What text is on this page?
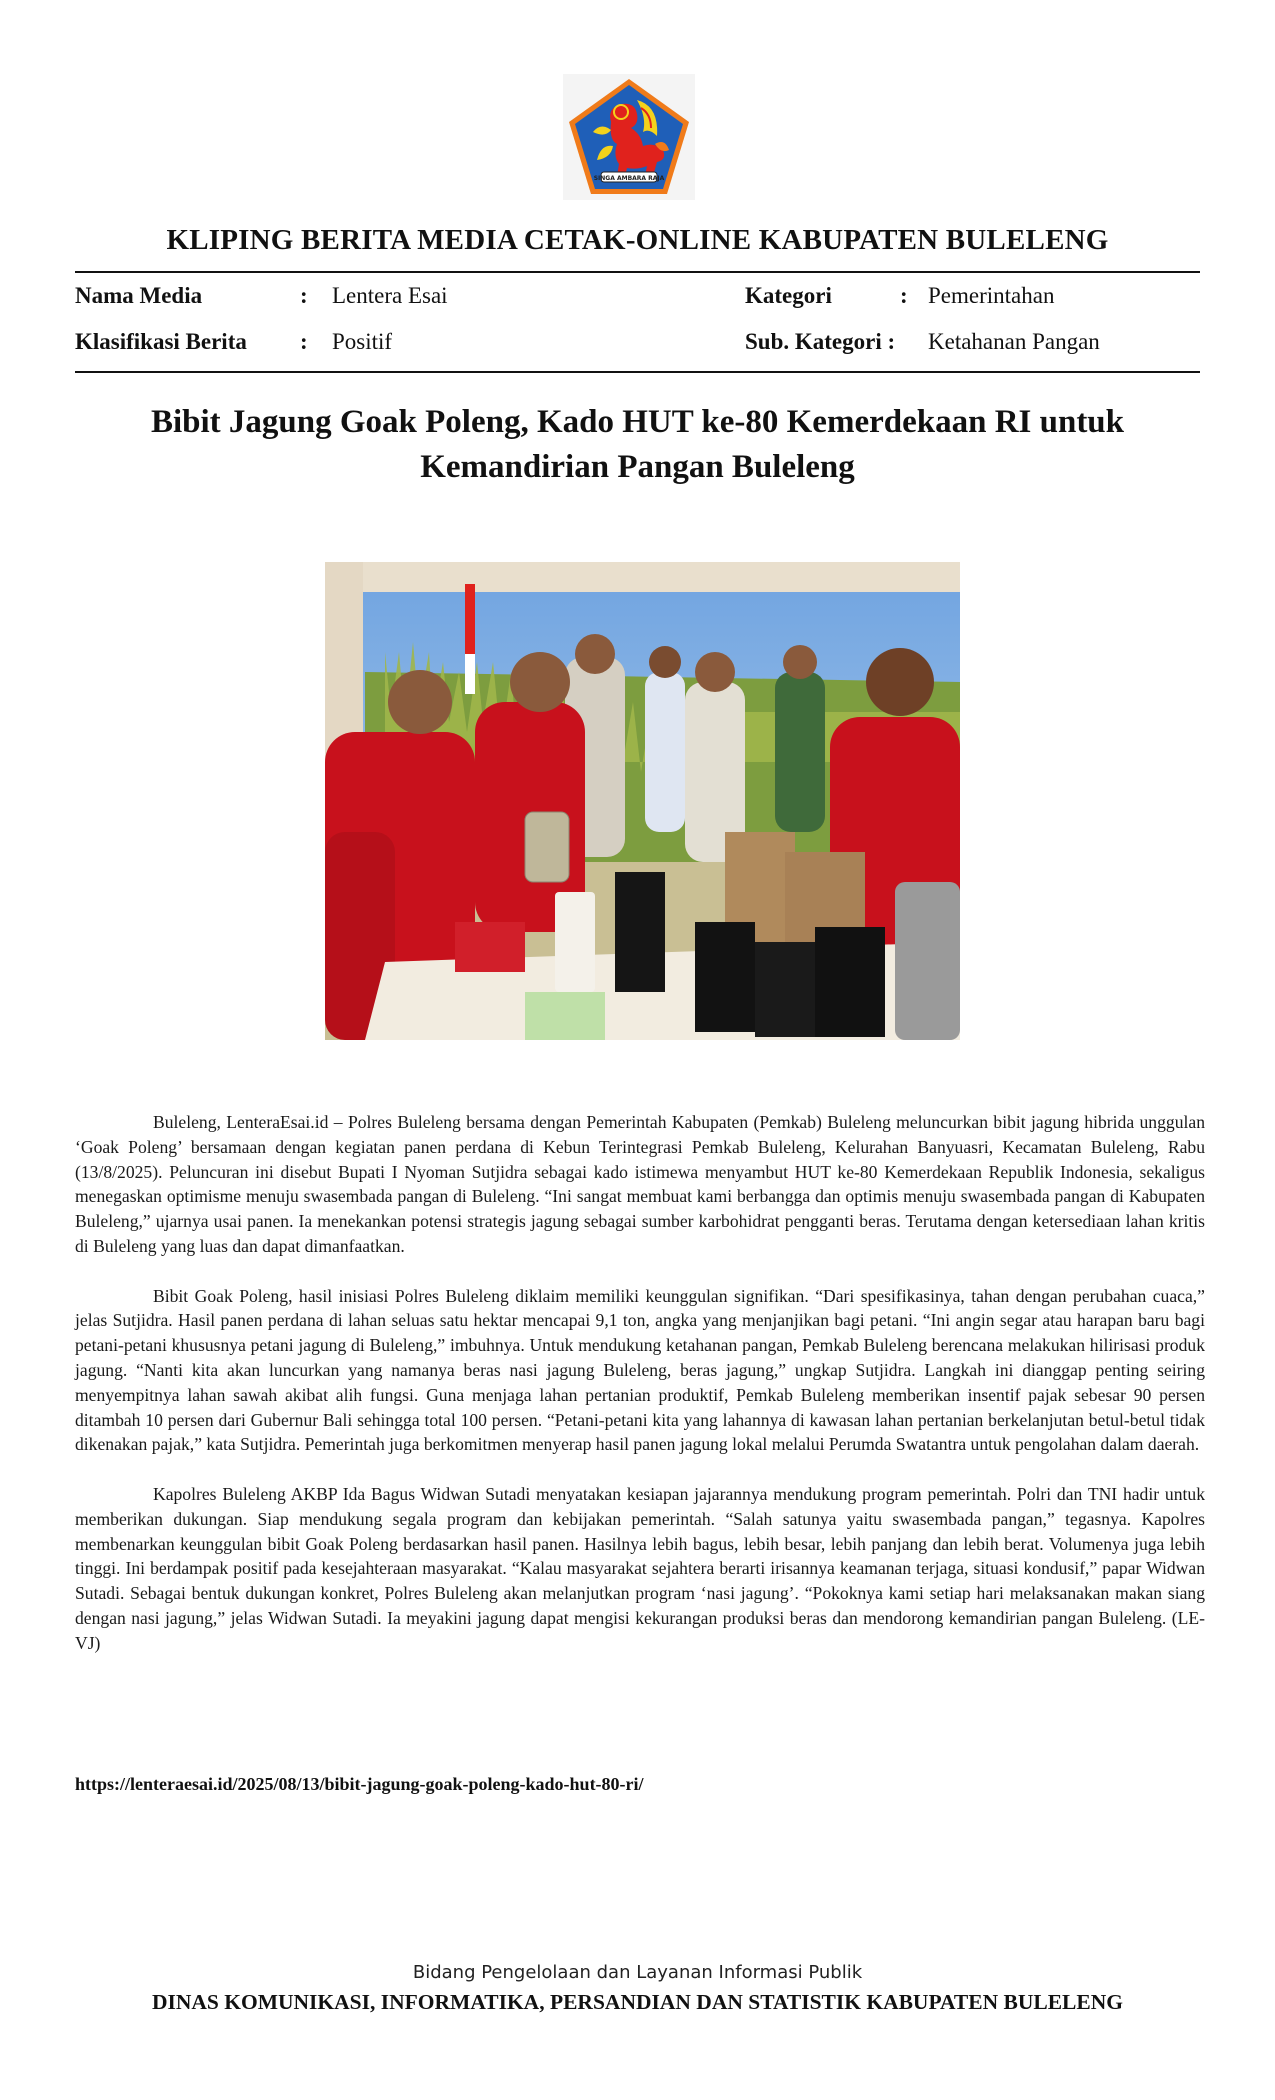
SINGA AMBARA RAJA
KLIPING BERITA MEDIA CETAK-ONLINE KABUPATEN BULELENG
Nama Media	: Lentera Esai	Kategori	: Pemerintahan
Klasifikasi Berita : Positif	Sub. Kategori : Ketahanan Pangan
Bibit Jagung Goak Poleng, Kado HUT ke-80 Kemerdekaan RI untuk Kemandirian Pangan Buleleng

Buleleng, LenteraEsai.id – Polres Buleleng bersama dengan Pemerintah Kabupaten (Pemkab) Buleleng meluncurkan bibit jagung hibrida unggulan ‘Goak Poleng’ bersamaan dengan kegiatan panen perdana di Kebun Terintegrasi Pemkab Buleleng, Kelurahan Banyuasri, Kecamatan Buleleng, Rabu (13/8/2025). Peluncuran ini disebut Bupati I Nyoman Sutjidra sebagai kado istimewa menyambut HUT ke-80 Kemerdekaan Republik Indonesia, sekaligus menegaskan optimisme menuju swasembada pangan di Buleleng. “Ini sangat membuat kami berbangga dan optimis menuju swasembada pangan di Kabupaten Buleleng,” ujarnya usai panen. Ia menekankan potensi strategis jagung sebagai sumber karbohidrat pengganti beras. Terutama dengan ketersediaan lahan kritis di Buleleng yang luas dan dapat dimanfaatkan.

Bibit Goak Poleng, hasil inisiasi Polres Buleleng diklaim memiliki keunggulan signifikan. “Dari spesifikasinya, tahan dengan perubahan cuaca,” jelas Sutjidra. Hasil panen perdana di lahan seluas satu hektar mencapai 9,1 ton, angka yang menjanjikan bagi petani. “Ini angin segar atau harapan baru bagi petani-petani khususnya petani jagung di Buleleng,” imbuhnya. Untuk mendukung ketahanan pangan, Pemkab Buleleng berencana melakukan hilirisasi produk jagung. “Nanti kita akan luncurkan yang namanya beras nasi jagung Buleleng, beras jagung,” ungkap Sutjidra. Langkah ini dianggap penting seiring menyempitnya lahan sawah akibat alih fungsi. Guna menjaga lahan pertanian produktif, Pemkab Buleleng memberikan insentif pajak sebesar 90 persen ditambah 10 persen dari Gubernur Bali sehingga total 100 persen. “Petani-petani kita yang lahannya di kawasan lahan pertanian berkelanjutan betul-betul tidak dikenakan pajak,” kata Sutjidra. Pemerintah juga berkomitmen menyerap hasil panen jagung lokal melalui Perumda Swatantra untuk pengolahan dalam daerah.

Kapolres Buleleng AKBP Ida Bagus Widwan Sutadi menyatakan kesiapan jajarannya mendukung program pemerintah. Polri dan TNI hadir untuk memberikan dukungan. Siap mendukung segala program dan kebijakan pemerintah. “Salah satunya yaitu swasembada pangan,” tegasnya. Kapolres membenarkan keunggulan bibit Goak Poleng berdasarkan hasil panen. Hasilnya lebih bagus, lebih besar, lebih panjang dan lebih berat. Volumenya juga lebih tinggi. Ini berdampak positif pada kesejahteraan masyarakat. “Kalau masyarakat sejahtera berarti irisannya keamanan terjaga, situasi kondusif,” papar Widwan Sutadi. Sebagai bentuk dukungan konkret, Polres Buleleng akan melanjutkan program ‘nasi jagung’. “Pokoknya kami setiap hari melaksanakan makan siang dengan nasi jagung,” jelas Widwan Sutadi. Ia meyakini jagung dapat mengisi kekurangan produksi beras dan mendorong kemandirian pangan Buleleng. (LE-VJ)

https://lenteraesai.id/2025/08/13/bibit-jagung-goak-poleng-kado-hut-80-ri/
Bidang Pengelolaan dan Layanan Informasi Publik
DINAS KOMUNIKASI, INFORMATIKA, PERSANDIAN DAN STATISTIK KABUPATEN BULELENG
